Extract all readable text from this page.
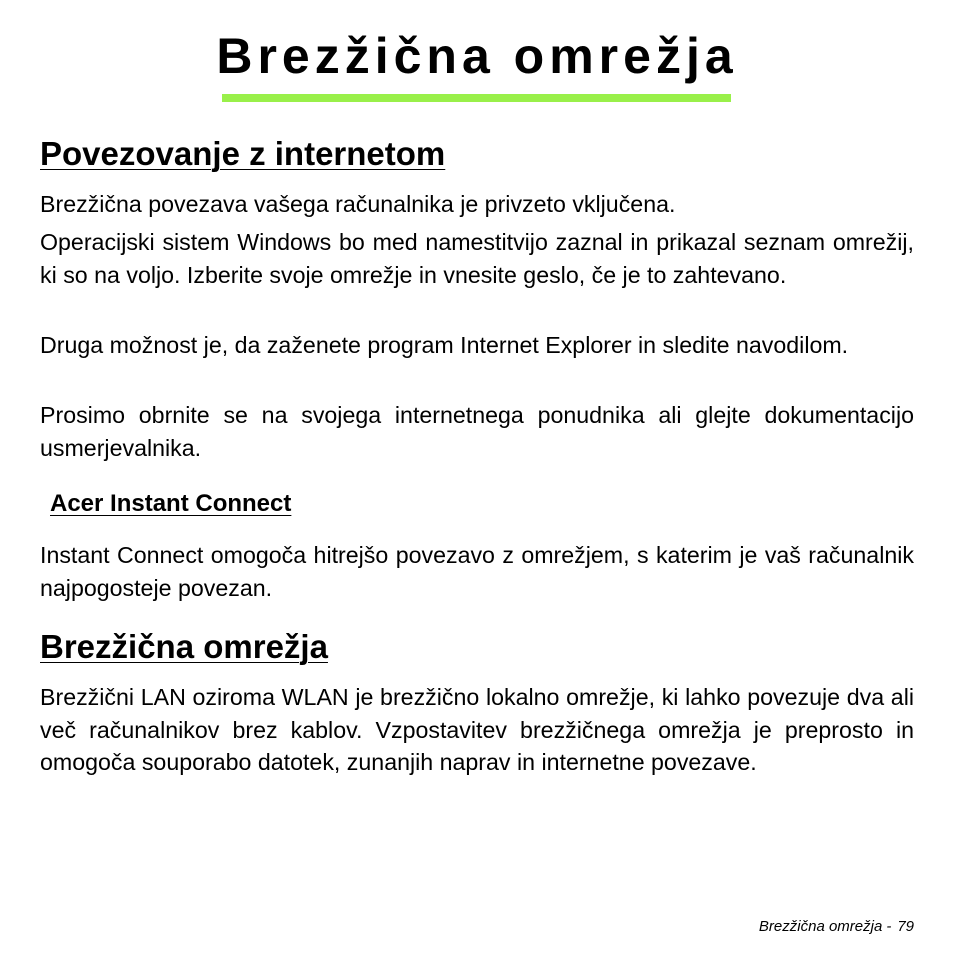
Brezžična omrežja
Povezovanje z internetom

Brezžična povezava vašega računalnika je privzeto vključena.

Operacijski sistem Windows bo med namestitvijo zaznal in prikazal seznam omrežij, ki so na voljo. Izberite svoje omrežje in vnesite geslo, če je to zahtevano.

Druga možnost je, da zaženete program Internet Explorer in sledite navodilom.

Prosimo obrnite se na svojega internetnega ponudnika ali glejte dokumentacijo usmerjevalnika.

Acer Instant Connect

Instant Connect omogoča hitrejšo povezavo z omrežjem, s katerim je vaš računalnik najpogosteje povezan.

Brezžična omrežja

Brezžični LAN oziroma WLAN je brezžično lokalno omrežje, ki lahko povezuje dva ali več računalnikov brez kablov. Vzpostavitev brezžičnega omrežja je preprosto in omogoča souporabo datotek, zunanjih naprav in internetne povezave.

Brezžična omrežja - 79
